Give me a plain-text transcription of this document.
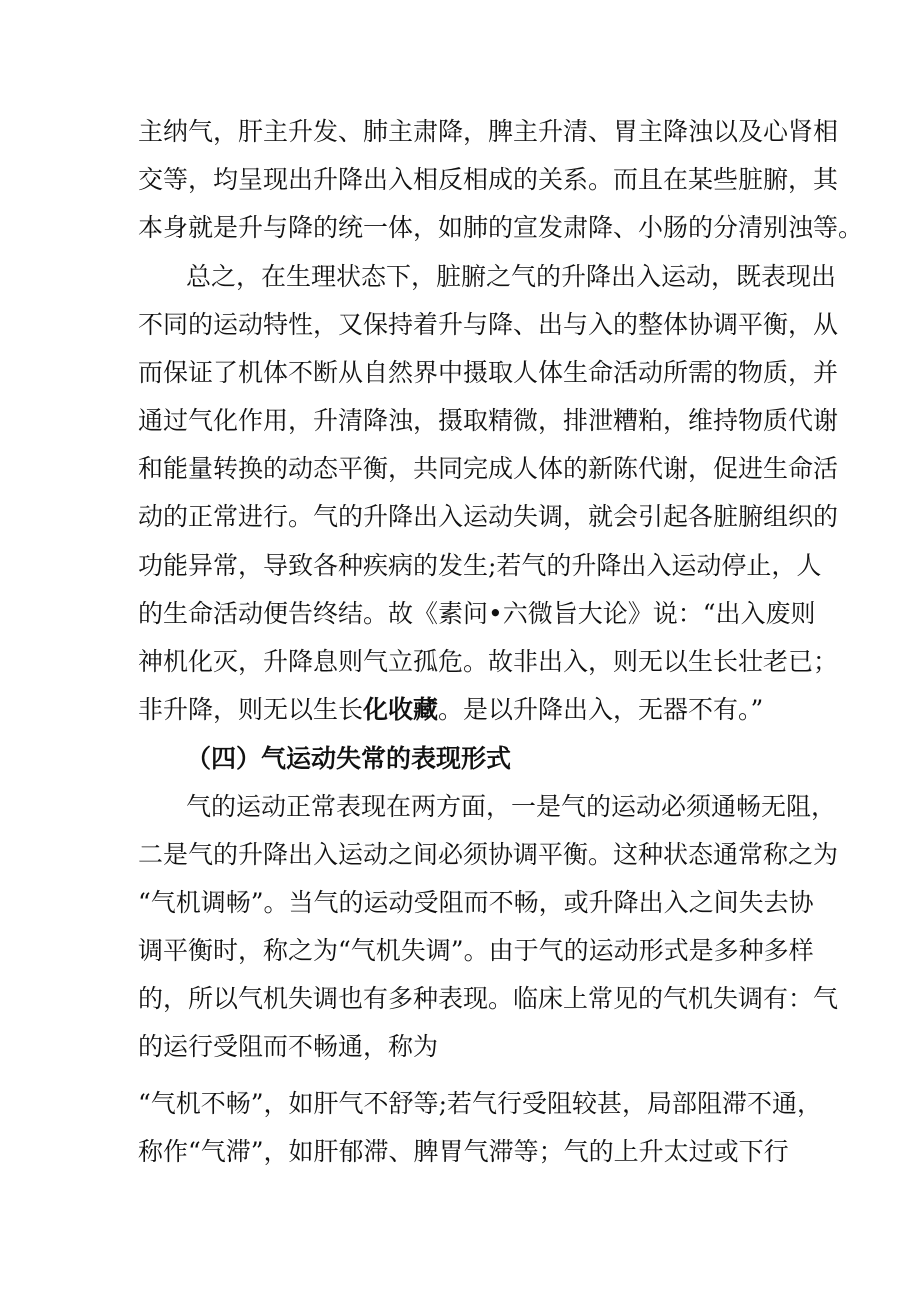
主纳气，肝主升发、肺主肃降，脾主升清、胃主降浊以及心肾相
交等，均呈现出升降出入相反相成的关系。而且在某些脏腑，其
本身就是升与降的统一体，如肺的宣发肃降、小肠的分清别浊等。
总之，在生理状态下，脏腑之气的升降出入运动，既表现出
不同的运动特性，又保持着升与降、出与入的整体协调平衡，从
而保证了机体不断从自然界中摄取人体生命活动所需的物质，并
通过气化作用，升清降浊，摄取精微，排泄糟粕，维持物质代谢
和能量转换的动态平衡，共同完成人体的新陈代谢，促进生命活
动的正常进行。气的升降出入运动失调，就会引起各脏腑组织的
功能异常，导致各种疾病的发生;若气的升降出入运动停止，人
的生命活动便告终结。故《素问•六微旨大论》说：“出入废则
神机化灭，升降息则气立孤危。故非出入，则无以生长壮老已；
非升降，则无以生长化收藏。是以升降出入，无器不有。”
（四）气运动失常的表现形式
气的运动正常表现在两方面，一是气的运动必须通畅无阻，
二是气的升降出入运动之间必须协调平衡。这种状态通常称之为
“气机调畅”。当气的运动受阻而不畅，或升降出入之间失去协
调平衡时，称之为“气机失调”。由于气的运动形式是多种多样
的，所以气机失调也有多种表现。临床上常见的气机失调有：气
的运行受阻而不畅通，称为
“气机不畅”，如肝气不舒等;若气行受阻较甚，局部阻滞不通，
称作“气滞”，如肝郁滞、脾胃气滞等；气的上升太过或下行
